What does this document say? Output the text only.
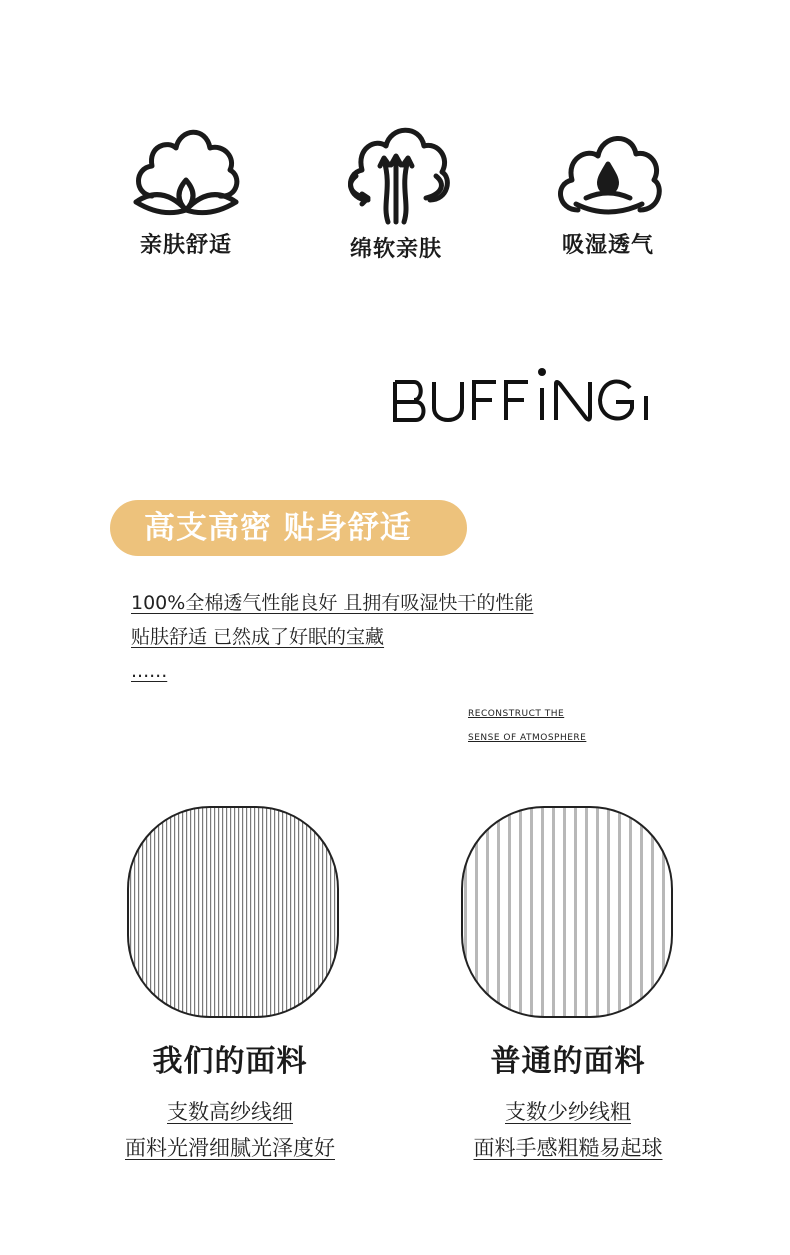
亲肤舒适	绵软亲肤	吸湿透气
高支高密 贴身舒适
100%全棉透气性能良好 且拥有吸湿快干的性能
贴肤舒适 已然成了好眠的宝藏
......
RECONSTRUCT THE
SENSE OF ATMOSPHERE
我们的面料
支数高纱线细
面料光滑细腻光泽度好
普通的面料
支数少纱线粗
面料手感粗糙易起球
